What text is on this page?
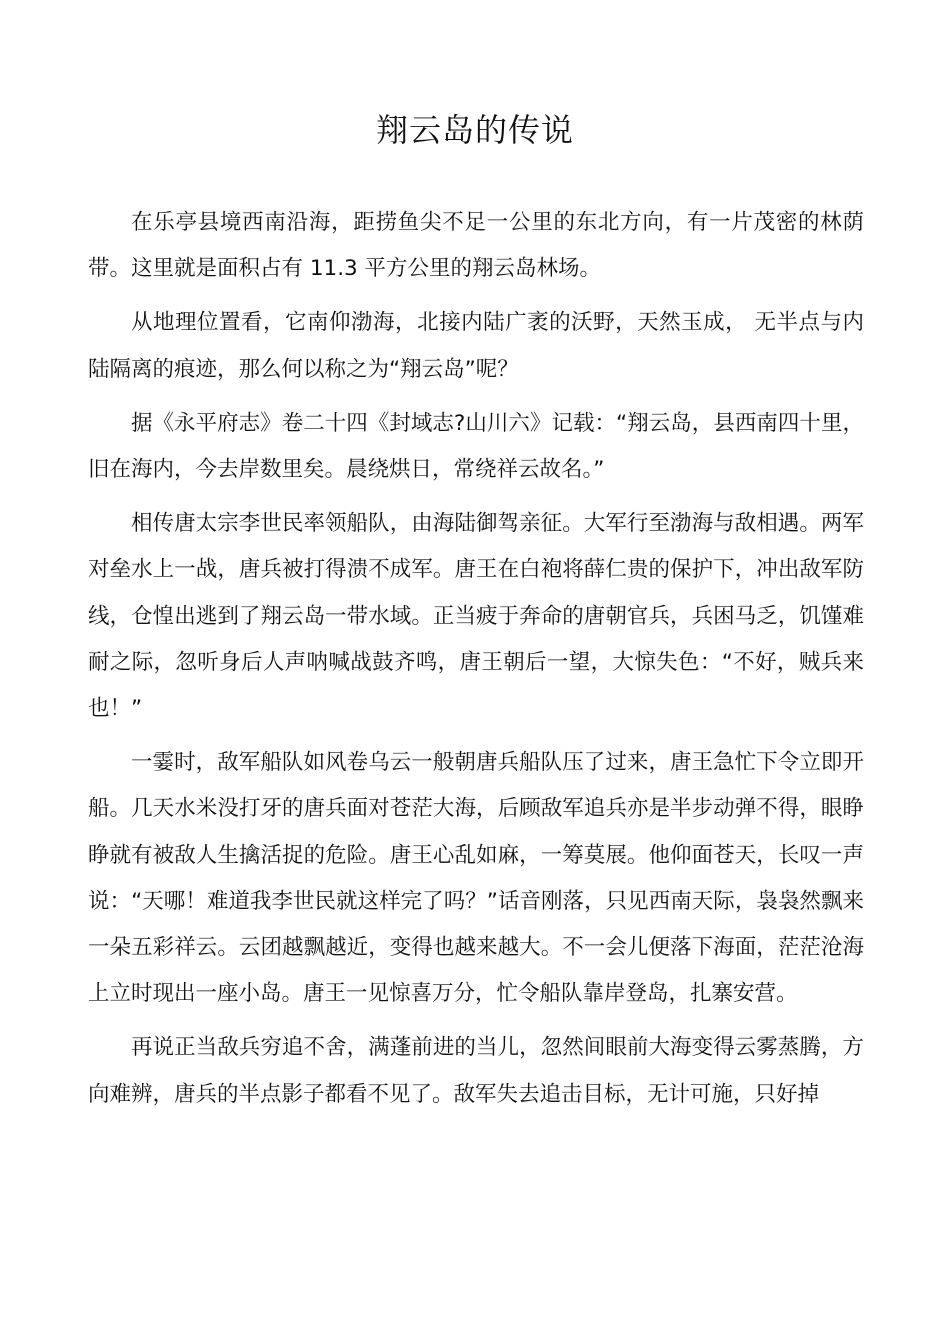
翔云岛的传说

在乐亭县境西南沿海，距捞鱼尖不足一公里的东北方向，有一片茂密的林荫带。这里就是面积占有 11.3 平方公里的翔云岛林场。

从地理位置看，它南仰渤海，北接内陆广袤的沃野，天然玉成， 无半点与内陆隔离的痕迹，那么何以称之为“翔云岛”呢？

据《永平府志》卷二十四《封域志?山川六》记载：“翔云岛，县西南四十里，旧在海内，今去岸数里矣。晨绕烘日，常绕祥云故名。”

相传唐太宗李世民率领船队，由海陆御驾亲征。大军行至渤海与敌相遇。两军对垒水上一战，唐兵被打得溃不成军。唐王在白袍将薛仁贵的保护下，冲出敌军防线，仓惶出逃到了翔云岛一带水域。正当疲于奔命的唐朝官兵，兵困马乏，饥馑难耐之际，忽听身后人声呐喊战鼓齐鸣，唐王朝后一望，大惊失色：“不好，贼兵来也！”

一霎时，敌军船队如风卷乌云一般朝唐兵船队压了过来，唐王急忙下令立即开船。几天水米没打牙的唐兵面对苍茫大海，后顾敌军追兵亦是半步动弹不得，眼睁睁就有被敌人生擒活捉的危险。唐王心乱如麻，一筹莫展。他仰面苍天，长叹一声说：“天哪！难道我李世民就这样完了吗？”话音刚落，只见西南天际，袅袅然飘来一朵五彩祥云。云团越飘越近，变得也越来越大。不一会儿便落下海面，茫茫沧海上立时现出一座小岛。唐王一见惊喜万分，忙令船队靠岸登岛，扎寨安营。

再说正当敌兵穷追不舍，满蓬前进的当儿，忽然间眼前大海变得云雾蒸腾，方向难辨，唐兵的半点影子都看不见了。敌军失去追击目标，无计可施，只好掉
